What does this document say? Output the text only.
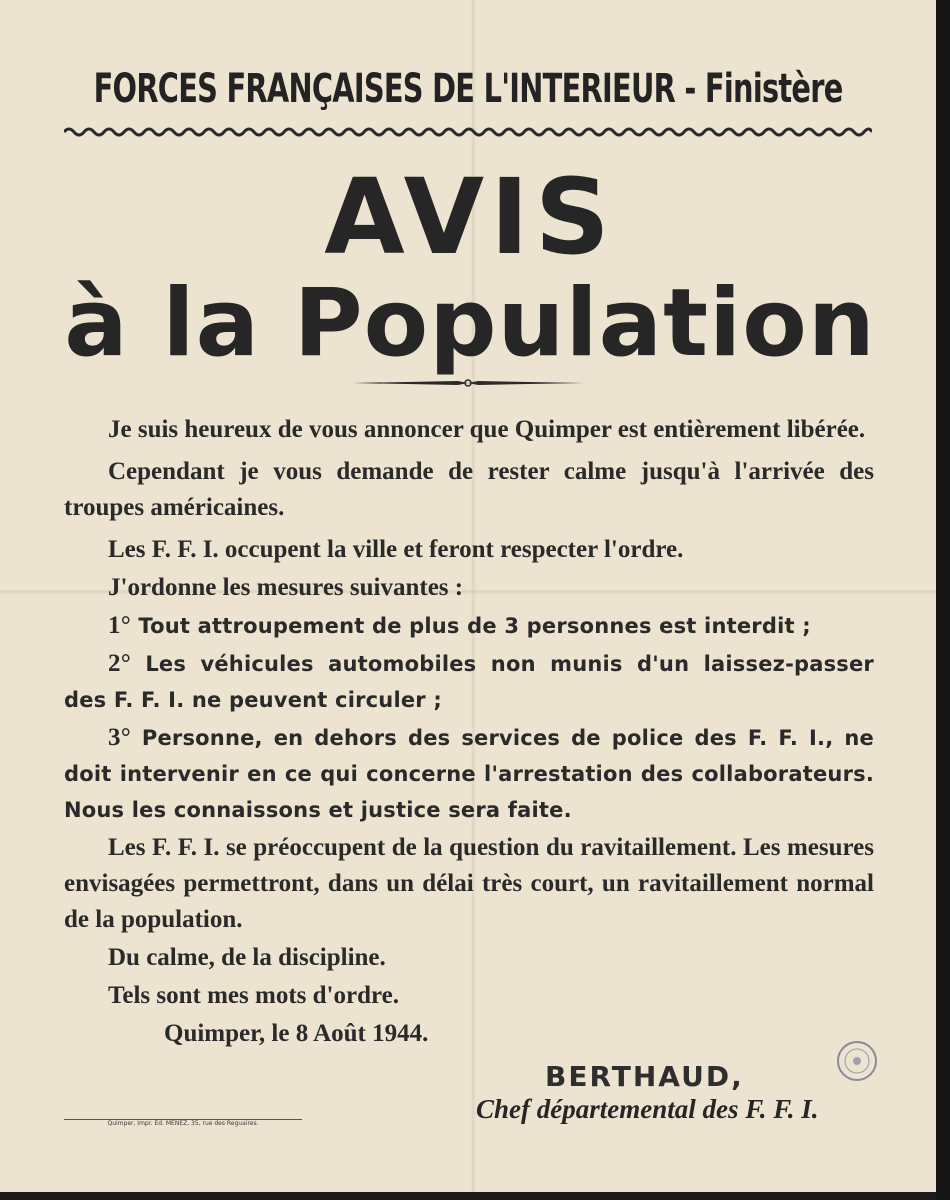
FORCES FRANÇAISES DE L'INTERIEUR - Finistère
AVIS
à la Population

Je suis heureux de vous annoncer que Quimper est entièrement libérée.

Cependant je vous demande de rester calme jusqu'à l'arrivée des troupes américaines.

Les F. F. I. occupent la ville et feront respecter l'ordre.

J'ordonne les mesures suivantes :

1° Tout attroupement de plus de 3 personnes est interdit ;

2° Les véhicules automobiles non munis d'un laissez-passer des F. F. I. ne peuvent circuler ;

3° Personne, en dehors des services de police des F. F. I., ne doit intervenir en ce qui concerne l'arrestation des collaborateurs. Nous les connaissons et justice sera faite.

Les F. F. I. se préoccupent de la question du ravitaillement. Les mesures envisagées permettront, dans un délai très court, un ravitaillement normal de la population.

Du calme, de la discipline.

Tels sont mes mots d'ordre.

Quimper, le 8 Août 1944.

BERTHAUD,
Chef départemental des F. F. I.
Quimper, Impr. Ed. MENEZ, 35, rue des Reguaires.
